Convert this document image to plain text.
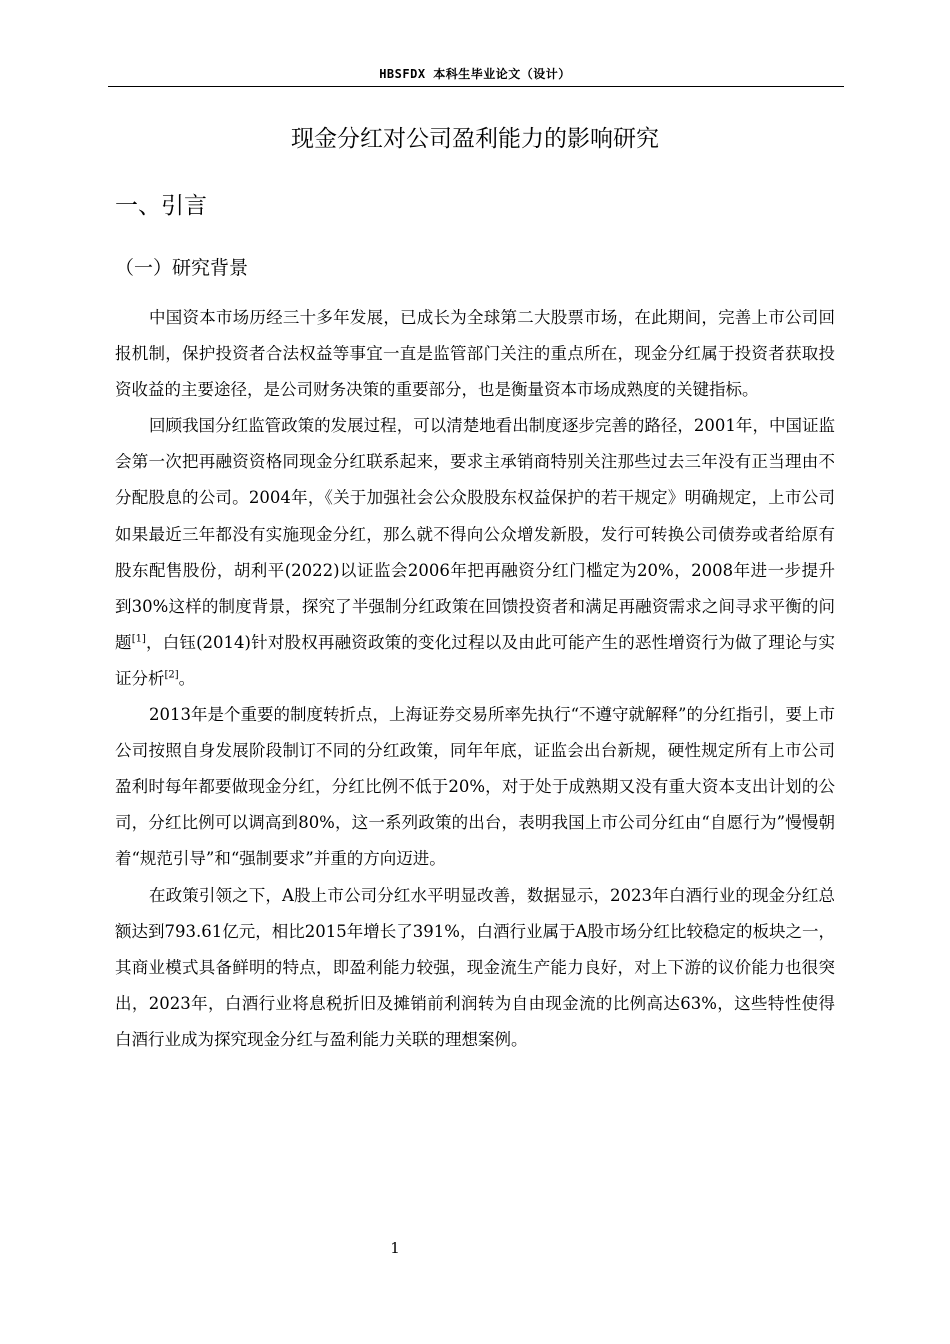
HBSFDX 本科生毕业论文（设计）
现金分红对公司盈利能力的影响研究
一、引言
（一）研究背景

中国资本市场历经三十多年发展，已成长为全球第二大股票市场，在此期间，完善上市公司回报机制，保护投资者合法权益等事宜一直是监管部门关注的重点所在，现金分红属于投资者获取投资收益的主要途径，是公司财务决策的重要部分，也是衡量资本市场成熟度的关键指标。

回顾我国分红监管政策的发展过程，可以清楚地看出制度逐步完善的路径，2001年，中国证监会第一次把再融资资格同现金分红联系起来，要求主承销商特别关注那些过去三年没有正当理由不分配股息的公司。2004年，《关于加强社会公众股股东权益保护的若干规定》明确规定，上市公司如果最近三年都没有实施现金分红，那么就不得向公众增发新股，发行可转换公司债券或者给原有股东配售股份，胡利平(2022)以证监会2006年把再融资分红门槛定为20%，2008年进一步提升到30%这样的制度背景，探究了半强制分红政策在回馈投资者和满足再融资需求之间寻求平衡的问题[1]，白钰(2014)针对股权再融资政策的变化过程以及由此可能产生的恶性增资行为做了理论与实证分析[2]。

2013年是个重要的制度转折点，上海证券交易所率先执行“不遵守就解释”的分红指引，要上市公司按照自身发展阶段制订不同的分红政策，同年年底，证监会出台新规，硬性规定所有上市公司盈利时每年都要做现金分红，分红比例不低于20%，对于处于成熟期又没有重大资本支出计划的公司，分红比例可以调高到80%，这一系列政策的出台，表明我国上市公司分红由“自愿行为”慢慢朝着“规范引导”和“强制要求”并重的方向迈进。

在政策引领之下，A股上市公司分红水平明显改善，数据显示，2023年白酒行业的现金分红总额达到793.61亿元，相比2015年增长了391%，白酒行业属于A股市场分红比较稳定的板块之一，其商业模式具备鲜明的特点，即盈利能力较强，现金流生产能力良好，对上下游的议价能力也很突出，2023年，白酒行业将息税折旧及摊销前利润转为自由现金流的比例高达63%，这些特性使得白酒行业成为探究现金分红与盈利能力关联的理想案例。

1
